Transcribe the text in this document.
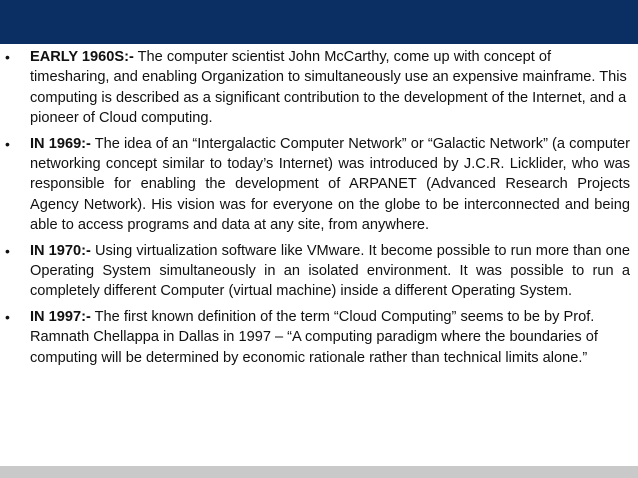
• EARLY 1960S:- The computer scientist John McCarthy, come up with concept of timesharing, and enabling Organization to simultaneously use an expensive mainframe. This computing is described as a significant contribution to the development of the Internet, and a pioneer of Cloud computing.
• IN 1969:- The idea of an “Intergalactic Computer Network” or “Galactic Network” (a computer networking concept similar to today’s Internet) was introduced by J.C.R. Licklider, who was responsible for enabling the development of ARPANET (Advanced Research Projects Agency Network). His vision was for everyone on the globe to be interconnected and being able to access programs and data at any site, from anywhere.
• IN 1970:- Using virtualization software like VMware. It become possible to run more than one Operating System simultaneously in an isolated environment. It was possible to run a completely different Computer (virtual machine) inside a different Operating System.
• IN 1997:- The first known definition of the term “Cloud Computing” seems to be by Prof. Ramnath Chellappa in Dallas in 1997 – “A computing paradigm where the boundaries of computing will be determined by economic rationale rather than technical limits alone.”
